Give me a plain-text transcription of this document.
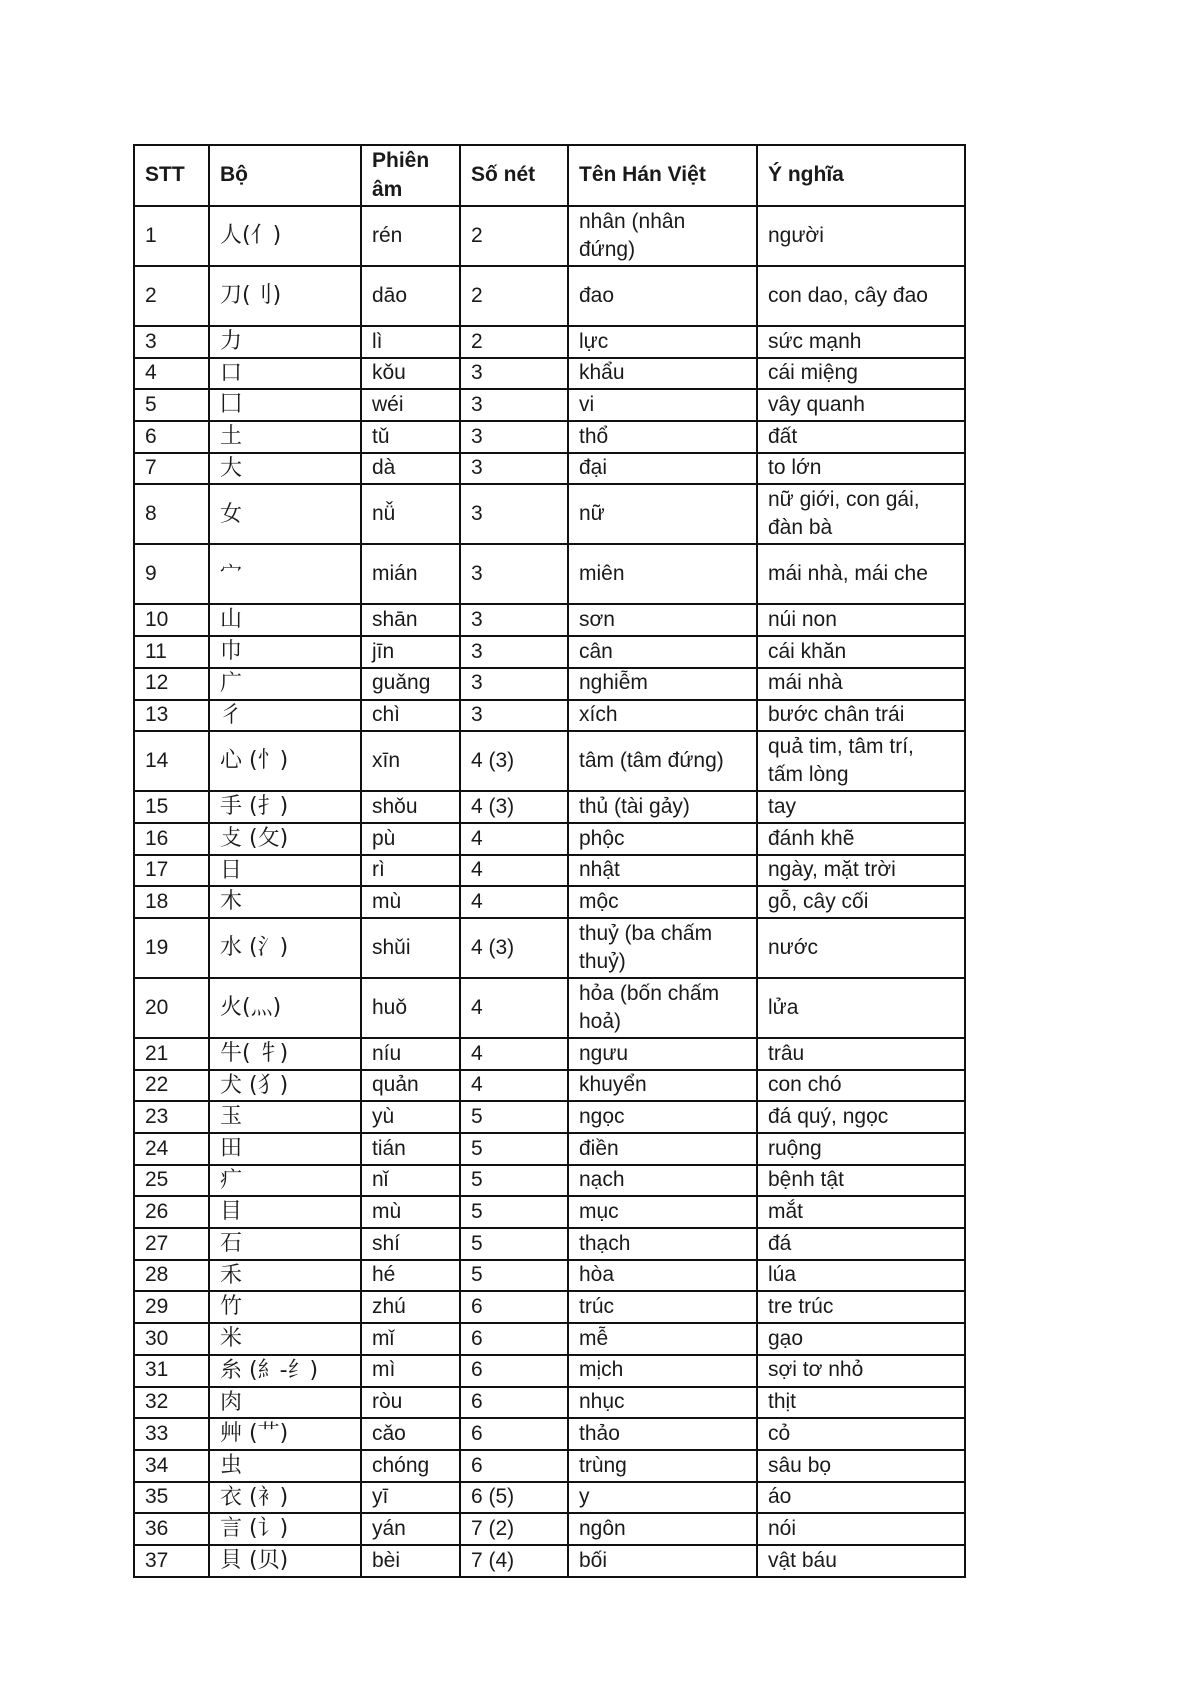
STT	Bộ	Phiên âm	Số nét	Tên Hán Việt	Ý nghĩa
1	人(亻)	rén	2	nhân (nhân đứng)	người
2	刀(刂)	dāo	2	đao	con dao, cây đao
3	力	lì	2	lực	sức mạnh
4	口	kǒu	3	khẩu	cái miệng
5	囗	wéi	3	vi	vây quanh
6	土	tǔ	3	thổ	đất
7	大	dà	3	đại	to lớn
8	女	nǚ	3	nữ	nữ giới, con gái, đàn bà
9	宀	mián	3	miên	mái nhà, mái che
10	山	shān	3	sơn	núi non
11	巾	jīn	3	cân	cái khăn
12	广	guǎng	3	nghiễm	mái nhà
13	彳	chì	3	xích	bước chân trái
14	心 (忄)	xīn	4 (3)	tâm (tâm đứng)	quả tim, tâm trí, tấm lòng
15	手 (扌)	shǒu	4 (3)	thủ (tài gảy)	tay
16	攴 (攵)	pù	4	phộc	đánh khẽ
17	日	rì	4	nhật	ngày, mặt trời
18	木	mù	4	mộc	gỗ, cây cối
19	水 (氵)	shǔi	4 (3)	thuỷ (ba chấm thuỷ)	nước
20	火(灬)	huǒ	4	hỏa (bốn chấm hoả)	lửa
21	牛( 牜)	níu	4	ngưu	trâu
22	犬 (犭)	quản	4	khuyển	con chó
23	玉	yù	5	ngọc	đá quý, ngọc
24	田	tián	5	điền	ruộng
25	疒	nǐ	5	nạch	bệnh tật
26	目	mù	5	mục	mắt
27	石	shí	5	thạch	đá
28	禾	hé	5	hòa	lúa
29	竹	zhú	6	trúc	tre trúc
30	米	mǐ	6	mễ	gạo
31	糸 (糹-纟)	mì	6	mịch	sợi tơ nhỏ
32	肉	ròu	6	nhục	thịt
33	艸 (艹)	cǎo	6	thảo	cỏ
34	虫	chóng	6	trùng	sâu bọ
35	衣 (衤)	yī	6 (5)	y	áo
36	言 (讠)	yán	7 (2)	ngôn	nói
37	貝 (贝)	bèi	7 (4)	bối	vật báu
